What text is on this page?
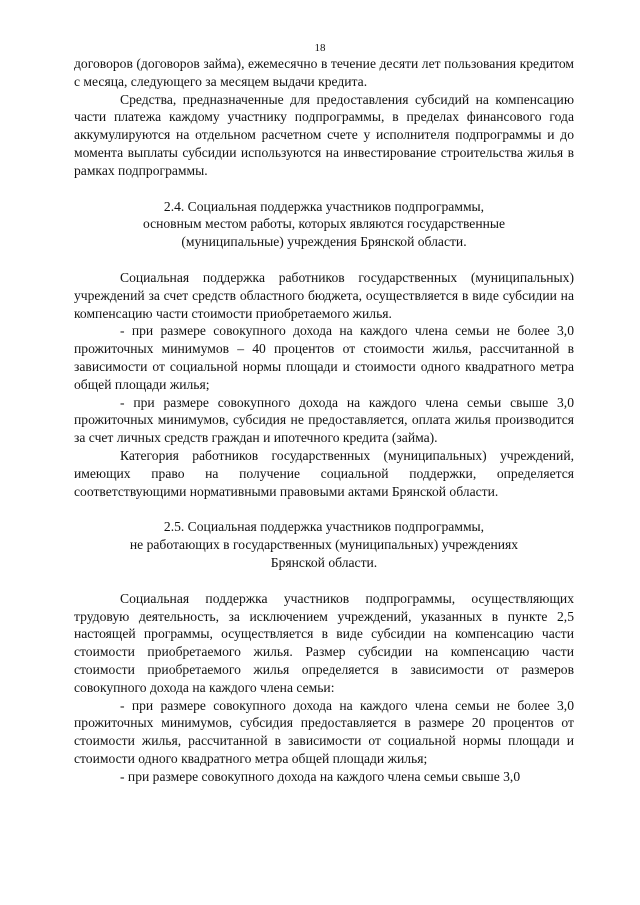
18

договоров (договоров займа), ежемесячно в течение десяти лет пользования кредитом с месяца, следующего за месяцем выдачи кредита.

Средства, предназначенные для предоставления субсидий на компенсацию части платежа каждому участнику подпрограммы, в пределах финансового года аккумулируются на отдельном расчетном счете у исполнителя подпрограммы и до момента выплаты субсидии используются на инвестирование строительства жилья в рамках подпрограммы.

2.4. Социальная поддержка участников подпрограммы,
основным местом работы, которых являются государственные
(муниципальные) учреждения Брянской области.

Социальная поддержка работников государственных (муниципальных) учреждений за счет средств областного бюджета, осуществляется в виде субсидии на компенсацию части стоимости приобретаемого жилья.

- при размере совокупного дохода на каждого члена семьи не более 3,0 прожиточных минимумов – 40 процентов от стоимости жилья, рассчитанной в зависимости от социальной нормы площади и стоимости одного квадратного метра общей площади жилья;

- при размере совокупного дохода на каждого члена семьи свыше 3,0 прожиточных минимумов, субсидия не предоставляется, оплата жилья производится за счет личных средств граждан и ипотечного кредита (займа).

Категория работников государственных (муниципальных) учреждений, имеющих право на получение социальной поддержки, определяется соответствующими нормативными правовыми актами Брянской области.

2.5. Социальная поддержка участников подпрограммы,
не работающих в государственных (муниципальных) учреждениях
Брянской области.

Социальная поддержка участников подпрограммы, осуществляющих трудовую деятельность, за исключением учреждений, указанных в пункте 2,5 настоящей программы, осуществляется в виде субсидии на компенсацию части стоимости приобретаемого жилья. Размер субсидии на компенсацию части стоимости приобретаемого жилья определяется в зависимости от размеров совокупного дохода на каждого члена семьи:

- при размере совокупного дохода на каждого члена семьи не более 3,0 прожиточных минимумов, субсидия предоставляется в размере 20 процентов от стоимости жилья, рассчитанной в зависимости от социальной нормы площади и стоимости одного квадратного метра общей площади жилья;

- при размере совокупного дохода на каждого члена семьи свыше 3,0
